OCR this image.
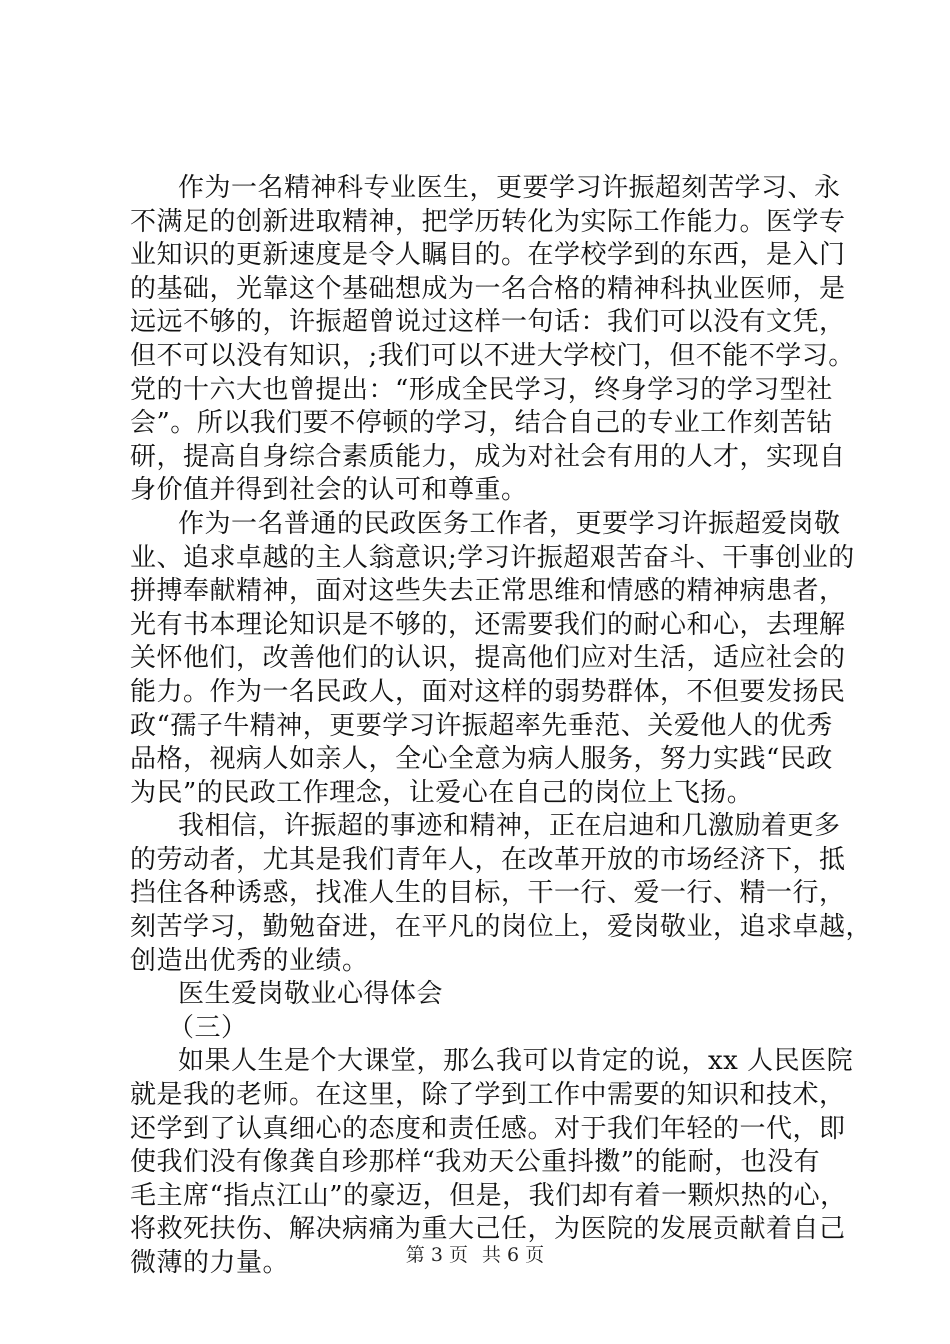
作为一名精神科专业医生，更要学习许振超刻苦学习、永
不满足的创新进取精神，把学历转化为实际工作能力。医学专
业知识的更新速度是令人瞩目的。在学校学到的东西，是入门
的基础，光靠这个基础想成为一名合格的精神科执业医师，是
远远不够的，许振超曾说过这样一句话：我们可以没有文凭，
但不可以没有知识，;我们可以不进大学校门，但不能不学习。
党的十六大也曾提出：“形成全民学习，终身学习的学习型社
会”。所以我们要不停顿的学习，结合自己的专业工作刻苦钻
研，提高自身综合素质能力，成为对社会有用的人才，实现自
身价值并得到社会的认可和尊重。
作为一名普通的民政医务工作者，更要学习许振超爱岗敬
业、追求卓越的主人翁意识;学习许振超艰苦奋斗、干事创业的
拼搏奉献精神，面对这些失去正常思维和情感的精神病患者，
光有书本理论知识是不够的，还需要我们的耐心和心，去理解
关怀他们，改善他们的认识，提高他们应对生活，适应社会的
能力。作为一名民政人，面对这样的弱势群体，不但要发扬民
政“孺子牛精神，更要学习许振超率先垂范、关爱他人的优秀
品格，视病人如亲人，全心全意为病人服务，努力实践“民政
为民”的民政工作理念，让爱心在自己的岗位上飞扬。
我相信，许振超的事迹和精神，正在启迪和几激励着更多
的劳动者，尤其是我们青年人，在改革开放的市场经济下，抵
挡住各种诱惑，找准人生的目标，干一行、爱一行、精一行，
刻苦学习，勤勉奋进，在平凡的岗位上，爱岗敬业，追求卓越，
创造出优秀的业绩。
医生爱岗敬业心得体会
（三）
如果人生是个大课堂，那么我可以肯定的说，xx 人民医院
就是我的老师。在这里，除了学到工作中需要的知识和技术，
还学到了认真细心的态度和责任感。对于我们年轻的一代，即
使我们没有像龚自珍那样“我劝天公重抖擞”的能耐，也没有
毛主席“指点江山”的豪迈，但是，我们却有着一颗炽热的心，
将救死扶伤、解决病痛为重大己任，为医院的发展贡献着自己
微薄的力量。	第 3 页 共 6 页
